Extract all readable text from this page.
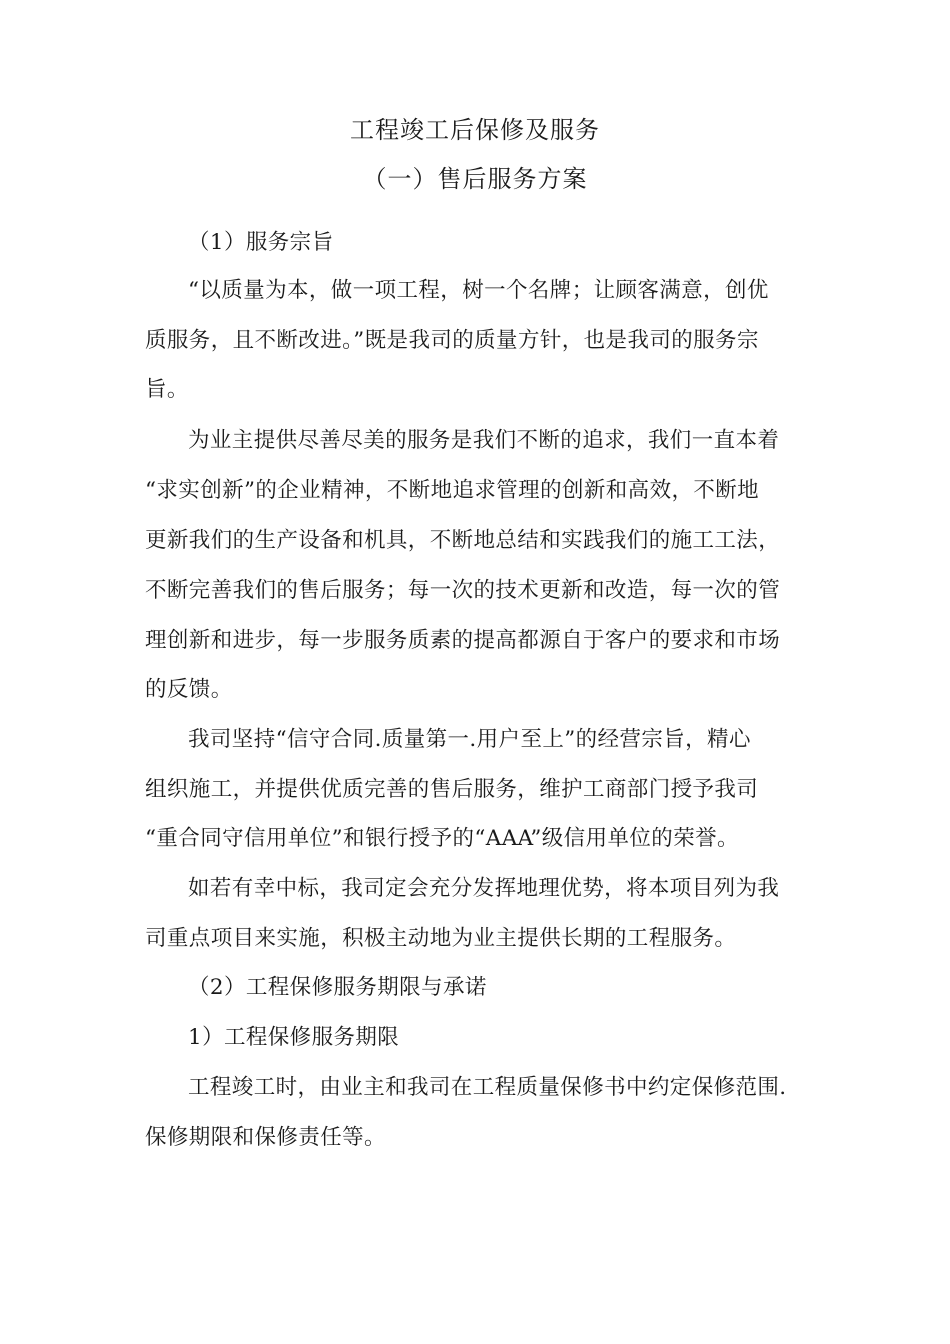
工程竣工后保修及服务
（一）售后服务方案
（1）服务宗旨
“以质量为本，做一项工程，树一个名牌；让顾客满意，创优
质服务，且不断改进。”既是我司的质量方针，也是我司的服务宗
旨。
为业主提供尽善尽美的服务是我们不断的追求，我们一直本着
“求实创新”的企业精神，不断地追求管理的创新和高效，不断地
更新我们的生产设备和机具，不断地总结和实践我们的施工工法，
不断完善我们的售后服务；每一次的技术更新和改造，每一次的管
理创新和进步，每一步服务质素的提高都源自于客户的要求和市场
的反馈。
我司坚持“信守合同.质量第一.用户至上”的经营宗旨，精心
组织施工，并提供优质完善的售后服务，维护工商部门授予我司
“重合同守信用单位”和银行授予的“AAA”级信用单位的荣誉。
如若有幸中标，我司定会充分发挥地理优势，将本项目列为我
司重点项目来实施，积极主动地为业主提供长期的工程服务。
（2）工程保修服务期限与承诺
1）工程保修服务期限
工程竣工时，由业主和我司在工程质量保修书中约定保修范围.
保修期限和保修责任等。
